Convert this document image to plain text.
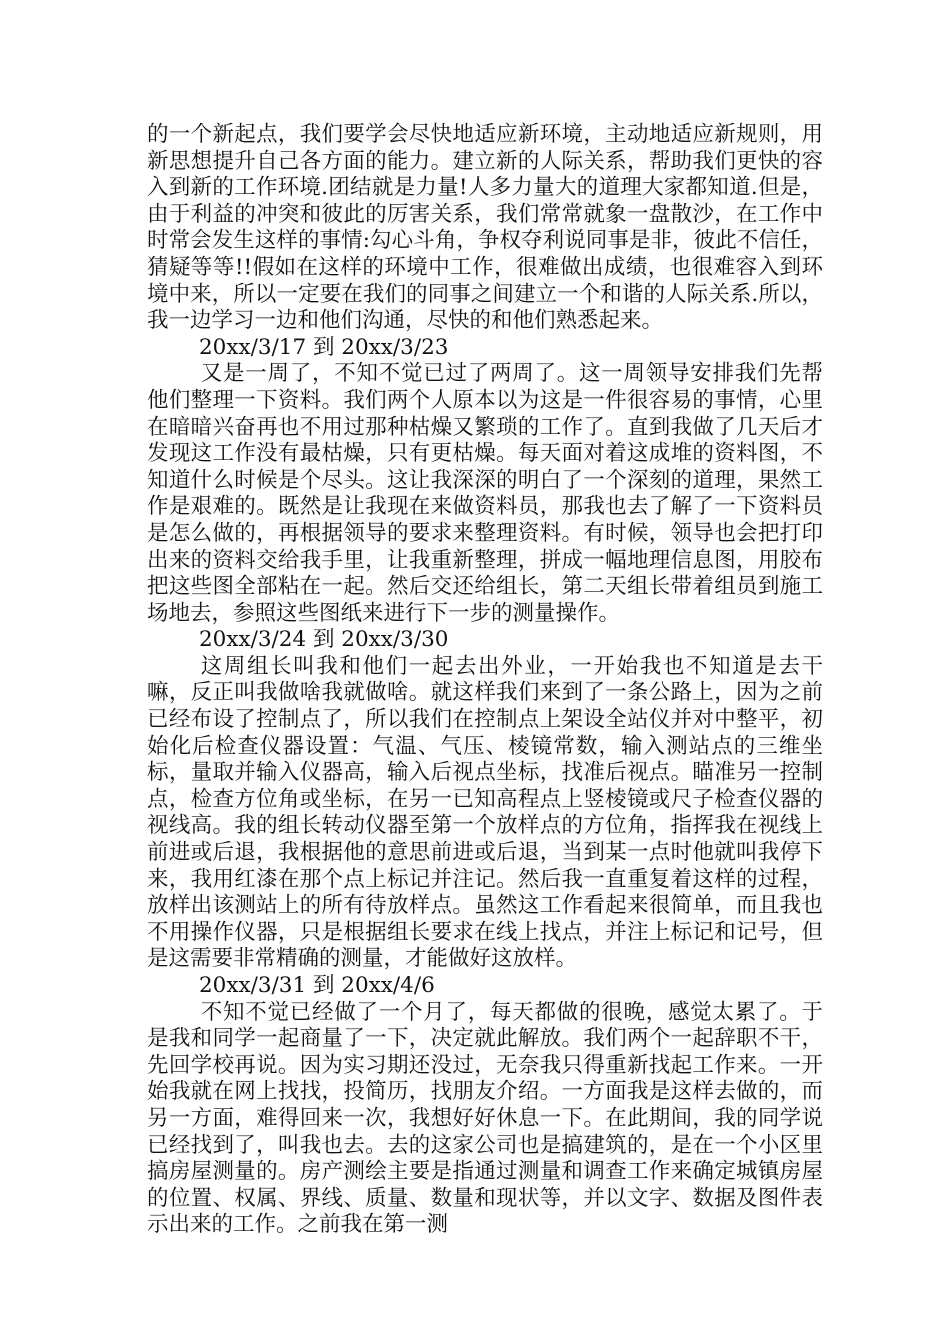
的一个新起点，我们要学会尽快地适应新环境，主动地适应新规则，用新思想提升自己各方面的能力。建立新的人际关系，帮助我们更快的容入到新的工作环境.团结就是力量!人多力量大的道理大家都知道.但是，由于利益的冲突和彼此的厉害关系，我们常常就象一盘散沙，在工作中时常会发生这样的事情:勾心斗角，争权夺利说同事是非，彼此不信任，猜疑等等!!假如在这样的环境中工作，很难做出成绩，也很难容入到环境中来，所以一定要在我们的同事之间建立一个和谐的人际关系.所以，我一边学习一边和他们沟通，尽快的和他们熟悉起来。

20xx/3/17 到 20xx/3/23

又是一周了，不知不觉已过了两周了。这一周领导安排我们先帮他们整理一下资料。我们两个人原本以为这是一件很容易的事情，心里在暗暗兴奋再也不用过那种枯燥又繁琐的工作了。直到我做了几天后才发现这工作没有最枯燥，只有更枯燥。每天面对着这成堆的资料图，不知道什么时候是个尽头。这让我深深的明白了一个深刻的道理，果然工作是艰难的。既然是让我现在来做资料员，那我也去了解了一下资料员是怎么做的，再根据领导的要求来整理资料。有时候，领导也会把打印出来的资料交给我手里，让我重新整理，拼成一幅地理信息图，用胶布把这些图全部粘在一起。然后交还给组长，第二天组长带着组员到施工场地去，参照这些图纸来进行下一步的测量操作。

20xx/3/24 到 20xx/3/30

这周组长叫我和他们一起去出外业，一开始我也不知道是去干嘛，反正叫我做啥我就做啥。就这样我们来到了一条公路上，因为之前已经布设了控制点了，所以我们在控制点上架设全站仪并对中整平，初始化后检查仪器设置：气温、气压、棱镜常数，输入测站点的三维坐标，量取并输入仪器高，输入后视点坐标，找准后视点。瞄准另一控制点，检查方位角或坐标，在另一已知高程点上竖棱镜或尺子检查仪器的视线高。我的组长转动仪器至第一个放样点的方位角，指挥我在视线上前进或后退，我根据他的意思前进或后退，当到某一点时他就叫我停下来，我用红漆在那个点上标记并注记。然后我一直重复着这样的过程，放样出该测站上的所有待放样点。虽然这工作看起来很简单，而且我也不用操作仪器，只是根据组长要求在线上找点，并注上标记和记号，但是这需要非常精确的测量，才能做好这放样。

20xx/3/31 到 20xx/4/6

不知不觉已经做了一个月了，每天都做的很晚，感觉太累了。于是我和同学一起商量了一下，决定就此解放。我们两个一起辞职不干，先回学校再说。因为实习期还没过，无奈我只得重新找起工作来。一开始我就在网上找找，投简历，找朋友介绍。一方面我是这样去做的，而另一方面，难得回来一次，我想好好休息一下。在此期间，我的同学说已经找到了，叫我也去。去的这家公司也是搞建筑的，是在一个小区里搞房屋测量的。房产测绘主要是指通过测量和调查工作来确定城镇房屋的位置、权属、界线、质量、数量和现状等，并以文字、数据及图件表示出来的工作。之前我在第一测
